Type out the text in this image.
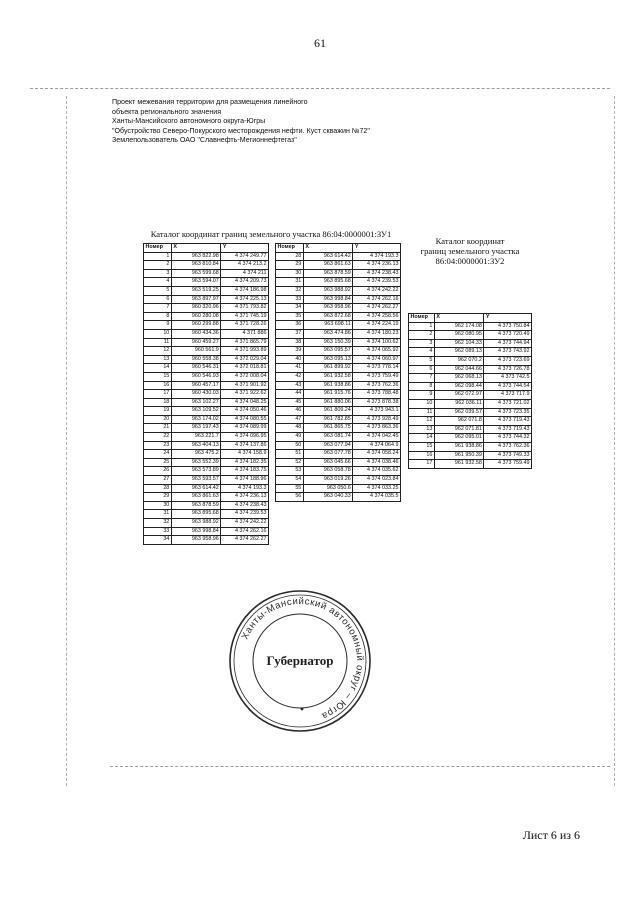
61
Проект межевания территории для размещения линейного
объекта регионального значения
Ханты-Мансийского автономного округа-Югры
"Обустройство Северо-Покурского месторождения нефти. Куст скважин №72"
Землепользователь ОАО "Славнефть-Мегионнефтегаз"
Каталог координат границ земельного участка 86:04:0000001:ЗУ1
Номер	X	Y
1	963 822.98	4 374 249.77
2	963 810.84	4 374 213.2
3	963 599.68	4 374 211
4	963 594.07	4 374 209.73
5	963 519.25	4 374 186.98
6	963 897.97	4 374 225.13
7	960 320.96	4 371 793.82
8	960 280.08	4 371 745.19
9	960 299.88	4 371 728.26
10	960 434.36	4 371 886
11	960 459.27	4 371 865.79
12	960 561.9	4 371 993.89
13	960 558.38	4 372 029.04
14	960 546.31	4 372 018.81
15	960 546.93	4 372 008.04
16	960 457.17	4 371 901.92
17	960 430.03	4 371 922.62
18	963 102.27	4 374 048.25
19	963 109.52	4 374 050.46
20	963 174.02	4 374 080.55
21	963 197.43	4 374 089.99
22	963 221.7	4 374 096.95
23	963 404.13	4 374 137.86
24	963 475.2	4 374 158.9
25	963 552.39	4 374 182.35
26	963 573.89	4 374 183.75
27	963 593.57	4 374 188.96
28	963 614.42	4 374 193.3
29	963 861.63	4 374 236.13
30	963 878.59	4 374 238.43
31	963 895.68	4 374 239.53
32	963 988.92	4 374 242.22
33	963 998.84	4 374 262.16
34	963 958.96	4 374 262.27
Номер	X	Y
28	963 614.42	4 374 193.3
29	963 861.63	4 374 236.13
30	963 878.59	4 374 238.43
31	963 895.68	4 374 239.53
32	963 988.92	4 374 242.22
33	963 998.84	4 374 262.16
34	963 958.96	4 374 262.27
35	963 872.68	4 374 258.56
36	963 698.11	4 374 224.19
37	963 474.86	4 374 180.23
38	963 150.39	4 374 100.62
39	963 095.57	4 374 065.92
40	963 095.13	4 374 060.97
41	961 899.92	4 373 778.14
42	961 932.58	4 373 759.49
43	961 938.86	4 373 762.36
44	961 915.76	4 373 788.48
45	961 880.06	4 373 878.38
46	961 809.24	4 373 943.1
47	961 782.85	4 373 928.49
48	961 865.75	4 373 863.36
49	963 081.74	4 374 042.45
50	963 077.94	4 374 064.9
51	963 077.78	4 374 058.24
52	963 045.66	4 374 038.46
53	963 058.78	4 374 035.62
54	963 019.26	4 374 023.84
55	963 050.6	4 374 033.25
56	963 040.33	4 374 035.5
Каталог координат
границ земельного участка
86:04:0000001:ЗУ2
Номер	X	Y
1	962 174.08	4 373 750.84
2	962 080.95	4 373 720.49
3	962 104.33	4 373 744.94
4	962 089.13	4 373 743.92
5	962 070.2	4 373 723.69
6	962 044.66	4 373 726.78
7	962 068.13	4 373 742.5
8	962 098.44	4 373 744.54
9	962 072.97	4 373 717.9
10	962 036.11	4 373 721.02
11	962 039.57	4 373 723.35
12	962 071.8	4 373 719.43
13	962 071.81	4 373 719.43
14	962 095.01	4 373 744.32
15	961 938.86	4 373 762.36
16	961 950.39	4 373 749.33
17	961 932.58	4 373 759.49
Ханты-Мансийский автономный округ – Югра
Губернатор
Лист 6 из 6
